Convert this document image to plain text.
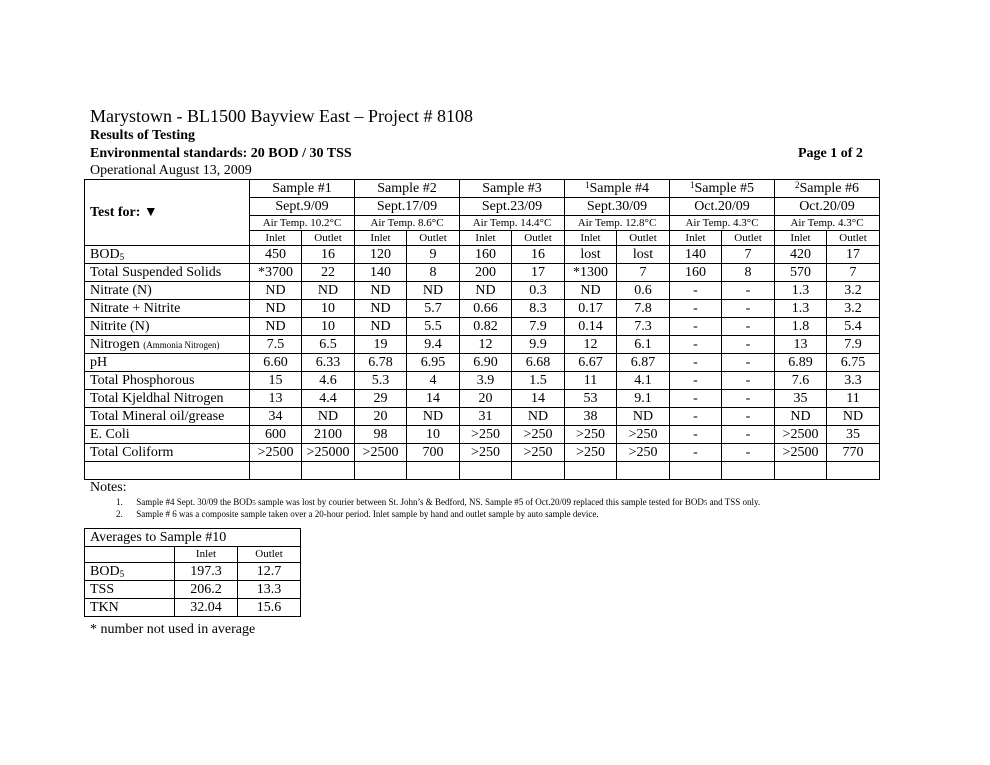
Marystown - BL1500 Bayview East – Project # 8108
Results of Testing
Environmental standards: 20 BOD / 30 TSS	Page 1 of 2
Operational August 13, 2009
Test for: ▼	Sample #1		Sample #2		Sample #3		$^1$Sample #4		$^1$Sample #5		$^2$Sample #6	
	Sept.9/09		Sept.17/09		Sept.23/09		Sept.30/09		Oct.20/09		Oct.20/09	
	Air Temp. 10.2°C		Air Temp. 8.6°C		Air Temp. 14.4°C		Air Temp. 12.8°C		Air Temp. 4.3°C		Air Temp. 4.3°C	
	Inlet	Outlet	Inlet	Outlet	Inlet	Outlet	Inlet	Outlet	Inlet	Outlet	Inlet	Outlet
BOD5	450	16	120	9	160	16	lost	lost	140	7	420	17
Total Suspended Solids	*3700	22	140	8	200	17	*1300	7	160	8	570	7
Nitrate (N)	ND	ND	ND	ND	ND	0.3	ND	0.6	-	-	1.3	3.2
Nitrate + Nitrite	ND	10	ND	5.7	0.66	8.3	0.17	7.8	-	-	1.3	3.2
Nitrite (N)	ND	10	ND	5.5	0.82	7.9	0.14	7.3	-	-	1.8	5.4
Nitrogen (Ammonia Nitrogen)	7.5	6.5	19	9.4	12	9.9	12	6.1	-	-	13	7.9
pH	6.60	6.33	6.78	6.95	6.90	6.68	6.67	6.87	-	-	6.89	6.75
Total Phosphorous	15	4.6	5.3	4	3.9	1.5	11	4.1	-	-	7.6	3.3
Total Kjeldhal Nitrogen	13	4.4	29	14	20	14	53	9.1	-	-	35	11
Total Mineral oil/grease	34	ND	20	ND	31	ND	38	ND	-	-	ND	ND
E. Coli	600	2100	98	10	>250	>250	>250	>250	-	-	>2500	35
Total Coliform	>2500	>25000	>2500	700	>250	>250	>250	>250	-	-	>2500	770

Notes:
1. Sample #4 Sept. 30/09 the BOD5 sample was lost by courier between St. John’s & Bedford, NS. Sample #5 of Oct.20/09 replaced this sample tested for BOD5 and TSS only.
2. Sample # 6 was a composite sample taken over a 20-hour period. Inlet sample by hand and outlet sample by auto sample device.
Averages to Sample #10		
	Inlet	Outlet
BOD5	197.3	12.7
TSS	206.2	13.3
TKN	32.04	15.6
* number not used in average
